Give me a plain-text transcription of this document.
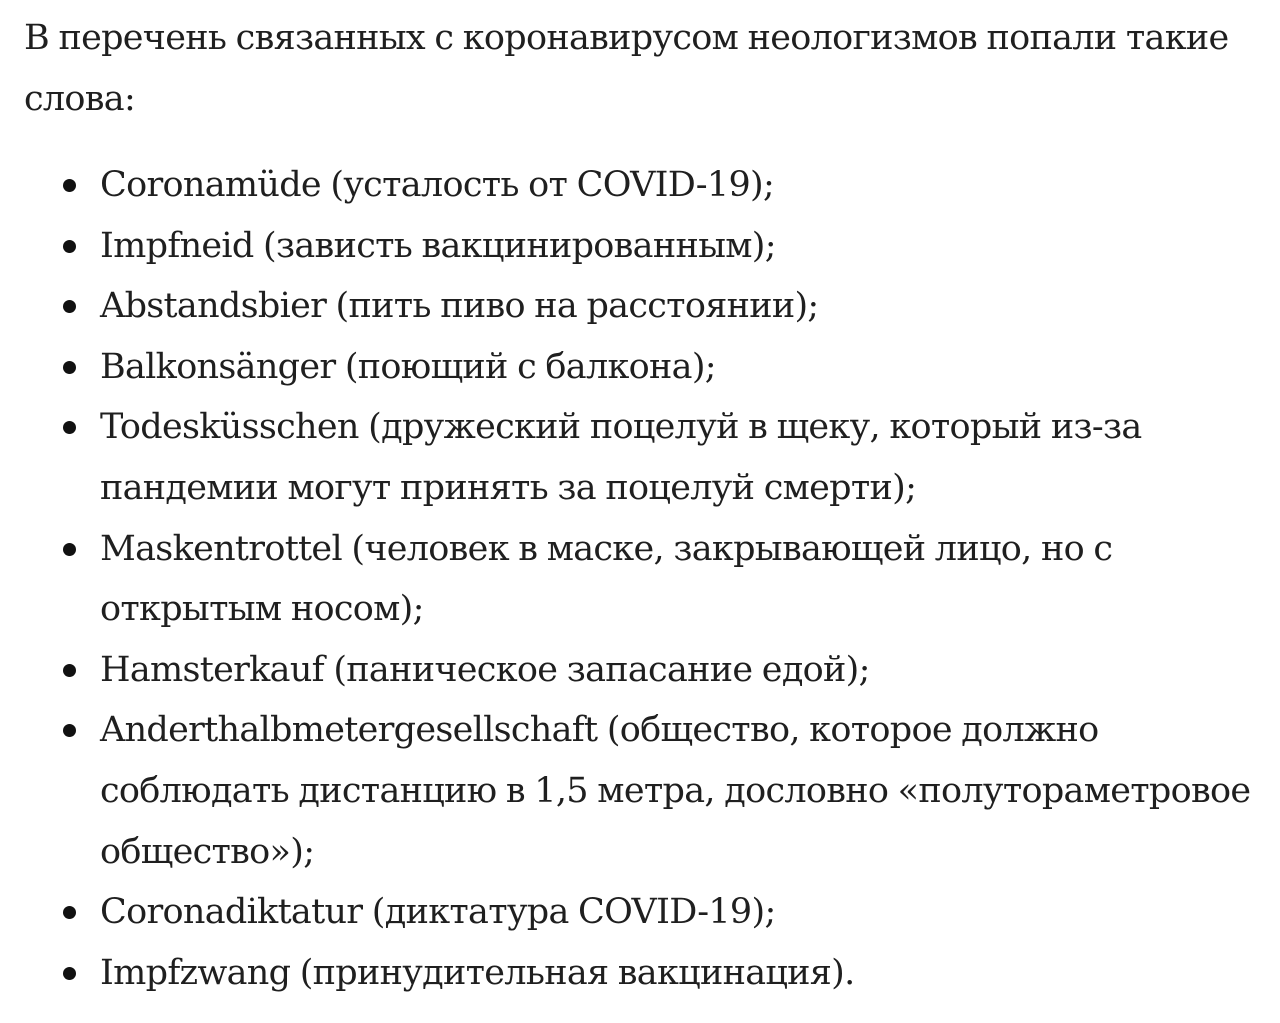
В перечень связанных с коронавирусом неологизмов попали такие слова:

Coronamüde (усталость от COVID-19);
Impfneid (зависть вакцинированным);
Abstandsbier (пить пиво на расстоянии);
Balkonsänger (поющий с балкона);
Todesküsschen (дружеский поцелуй в щеку, который из-за пандемии могут принять за поцелуй смерти);
Maskentrottel (человек в маске, закрывающей лицо, но с открытым носом);
Hamsterkauf (паническое запасание едой);
Anderthalbmetergesellschaft (общество, которое должно соблюдать дистанцию в 1,5 метра, дословно «полутораметровое общество»);
Coronadiktatur (диктатура COVID-19);
Impfzwang (принудительная вакцинация).
